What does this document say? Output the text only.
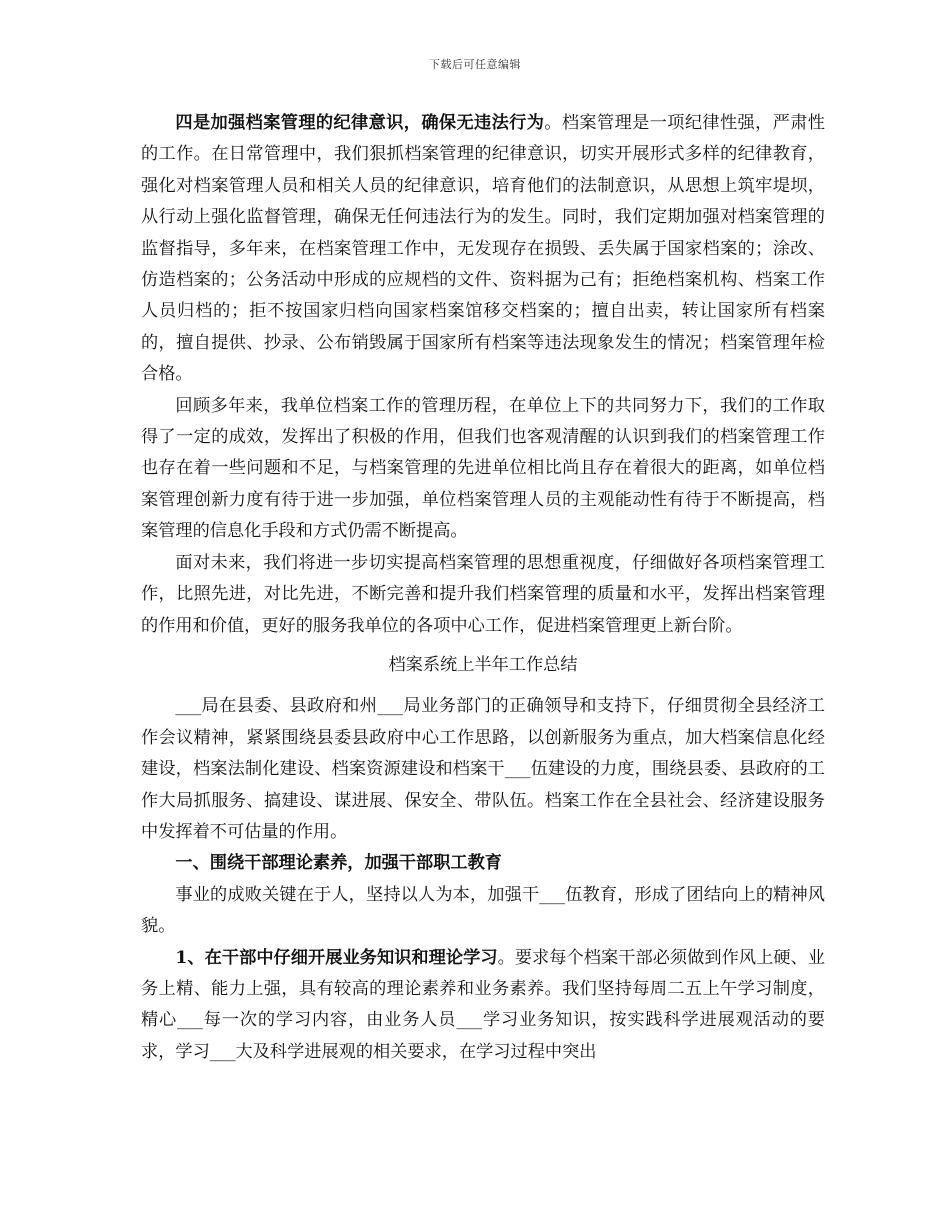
下载后可任意编辑

四是加强档案管理的纪律意识，确保无违法行为。档案管理是一项纪律性强，严肃性的工作。在日常管理中，我们狠抓档案管理的纪律意识，切实开展形式多样的纪律教育，强化对档案管理人员和相关人员的纪律意识，培育他们的法制意识，从思想上筑牢堤坝，从行动上强化监督管理，确保无任何违法行为的发生。同时，我们定期加强对档案管理的监督指导，多年来，在档案管理工作中，无发现存在损毁、丢失属于国家档案的；涂改、仿造档案的；公务活动中形成的应规档的文件、资料据为己有；拒绝档案机构、档案工作人员归档的；拒不按国家归档向国家档案馆移交档案的；擅自出卖，转让国家所有档案的，擅自提供、抄录、公布销毁属于国家所有档案等违法现象发生的情况；档案管理年检合格。

回顾多年来，我单位档案工作的管理历程，在单位上下的共同努力下，我们的工作取得了一定的成效，发挥出了积极的作用，但我们也客观清醒的认识到我们的档案管理工作也存在着一些问题和不足，与档案管理的先进单位相比尚且存在着很大的距离，如单位档案管理创新力度有待于进一步加强，单位档案管理人员的主观能动性有待于不断提高，档案管理的信息化手段和方式仍需不断提高。

面对未来，我们将进一步切实提高档案管理的思想重视度，仔细做好各项档案管理工作，比照先进，对比先进，不断完善和提升我们档案管理的质量和水平，发挥出档案管理的作用和价值，更好的服务我单位的各项中心工作，促进档案管理更上新台阶。

档案系统上半年工作总结

___局在县委、县政府和州___局业务部门的正确领导和支持下，仔细贯彻全县经济工作会议精神，紧紧围绕县委县政府中心工作思路，以创新服务为重点，加大档案信息化经建设，档案法制化建设、档案资源建设和档案干___伍建设的力度，围绕县委、县政府的工作大局抓服务、搞建设、谋进展、保安全、带队伍。档案工作在全县社会、经济建设服务中发挥着不可估量的作用。

一、围绕干部理论素养，加强干部职工教育

事业的成败关键在于人，坚持以人为本，加强干___伍教育，形成了团结向上的精神风貌。

1、在干部中仔细开展业务知识和理论学习。要求每个档案干部必须做到作风上硬、业务上精、能力上强，具有较高的理论素养和业务素养。我们坚持每周二五上午学习制度，精心___每一次的学习内容，由业务人员___学习业务知识，按实践科学进展观活动的要求，学习___大及科学进展观的相关要求，在学习过程中突出
